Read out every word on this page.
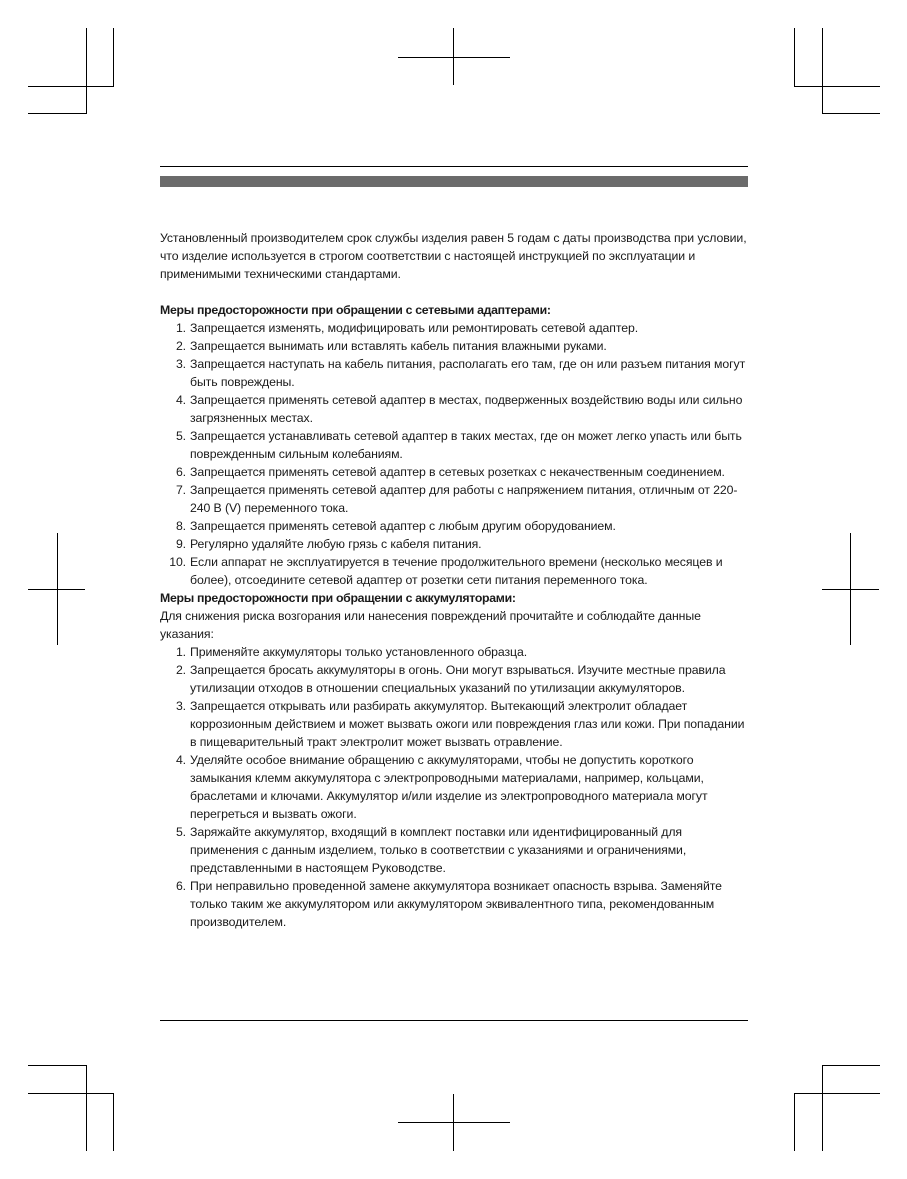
Установленный производителем срок службы изделия равен 5 годам с даты производства при условии, что изделие используется в строгом соответствии с настоящей инструкцией по эксплуатации и применимыми техническими стандартами.

Меры предосторожности при обращении с сетевыми адаптерами:

1. Запрещается изменять, модифицировать или ремонтировать сетевой адаптер.
2. Запрещается вынимать или вставлять кабель питания влажными руками.
3. Запрещается наступать на кабель питания, располагать его там, где он или разъем питания могут быть повреждены.
4. Запрещается применять сетевой адаптер в местах, подверженных воздействию воды или сильно загрязненных местах.
5. Запрещается устанавливать сетевой адаптер в таких местах, где он может легко упасть или быть поврежденным сильным колебаниям.
6. Запрещается применять сетевой адаптер в сетевых розетках с некачественным соединением.
7. Запрещается применять сетевой адаптер для работы с напряжением питания, отличным от 220-240 В (V) переменного тока.
8. Запрещается применять сетевой адаптер с любым другим оборудованием.
9. Регулярно удаляйте любую грязь с кабеля питания.
10. Если аппарат не эксплуатируется в течение продолжительного времени (несколько месяцев и более), отсоедините сетевой адаптер от розетки сети питания переменного тока.

Меры предосторожности при обращении с аккумуляторами:

Для снижения риска возгорания или нанесения повреждений прочитайте и соблюдайте данные указания:

1. Применяйте аккумуляторы только установленного образца.
2. Запрещается бросать аккумуляторы в огонь. Они могут взрываться. Изучите местные правила утилизации отходов в отношении специальных указаний по утилизации аккумуляторов.
3. Запрещается открывать или разбирать аккумулятор. Вытекающий электролит обладает коррозионным действием и может вызвать ожоги или повреждения глаз или кожи. При попадании в пищеварительный тракт электролит может вызвать отравление.
4. Уделяйте особое внимание обращению с аккумуляторами, чтобы не допустить короткого замыкания клемм аккумулятора с электропроводными материалами, например, кольцами, браслетами и ключами. Аккумулятор и/или изделие из электропроводного материала могут перегреться и вызвать ожоги.
5. Заряжайте аккумулятор, входящий в комплект поставки или идентифицированный для применения с данным изделием, только в соответствии с указаниями и ограничениями, представленными в настоящем Руководстве.
6. При неправильно проведенной замене аккумулятора возникает опасность взрыва. Заменяйте только таким же аккумулятором или аккумулятором эквивалентного типа, рекомендованным производителем.
